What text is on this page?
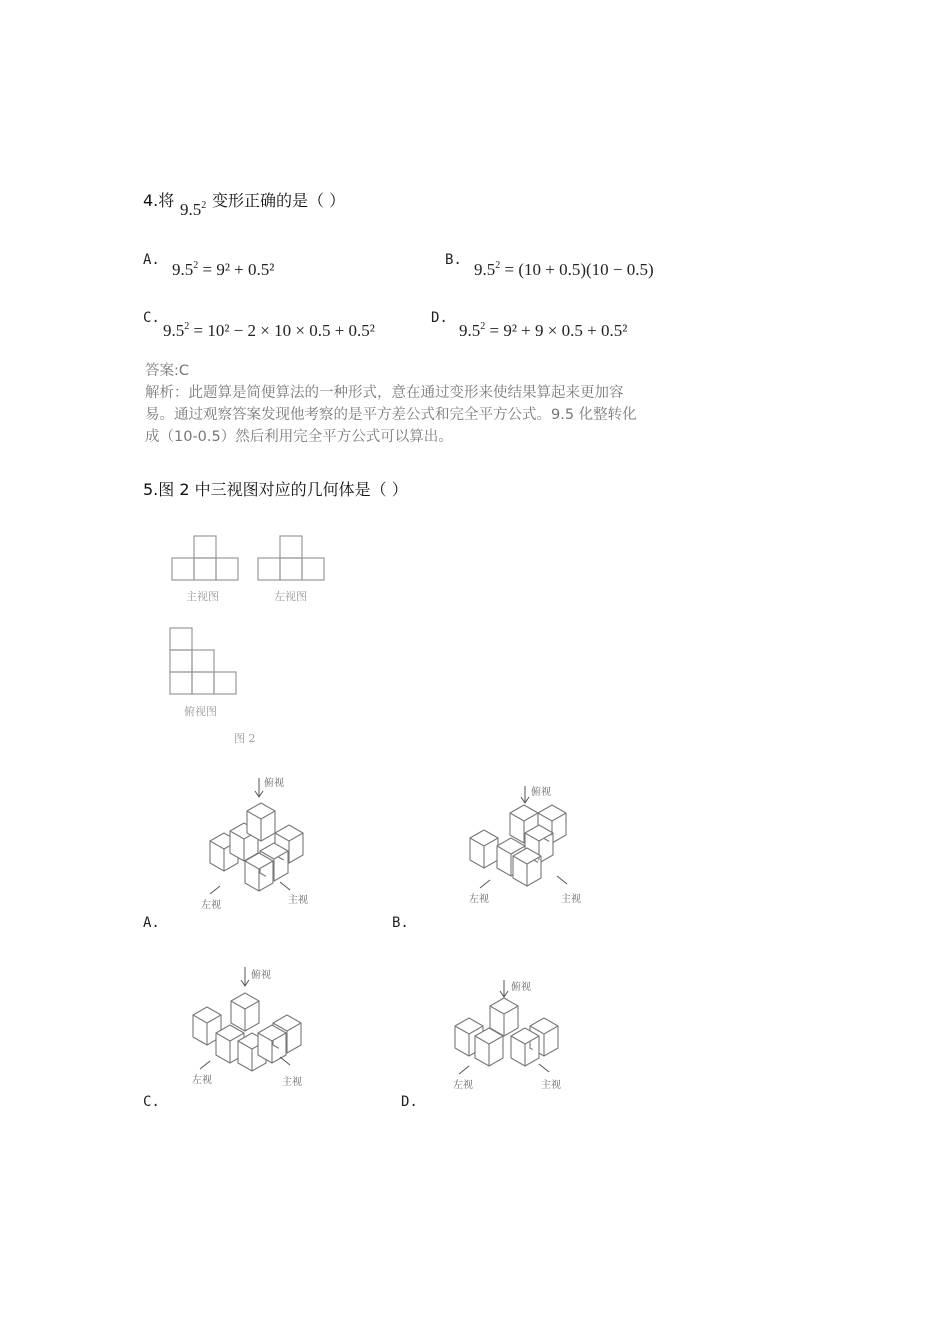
4.将 $9.5^2$ 变形正确的是（ ）
A. $9.5^2 = 9^2 + 0.5^2$	B. $9.5^2 = (10 + 0.5)(10 - 0.5)$
C.
$9.5^2 = 10^2 - 2 \times 10 \times 0.5 + 0.5^2$
D.
$9.5^2 = 9^2 + 9 \times 0.5 + 0.5^2$
答案:C
解析：此题算是简便算法的一种形式，意在通过变形来使结果算起来更加容
易。通过观察答案发现他考察的是平方差公式和完全平方公式。9.5 化整转化
成（10-0.5）然后利用完全平方公式可以算出。
5.图 2 中三视图对应的几何体是（ ）
主视图	左视图
俯视图
图 2
俯视
左视	主视
A.
俯视
左视	主视
B.
俯视
左视	主视
C.
俯视
左视	主视
D.
